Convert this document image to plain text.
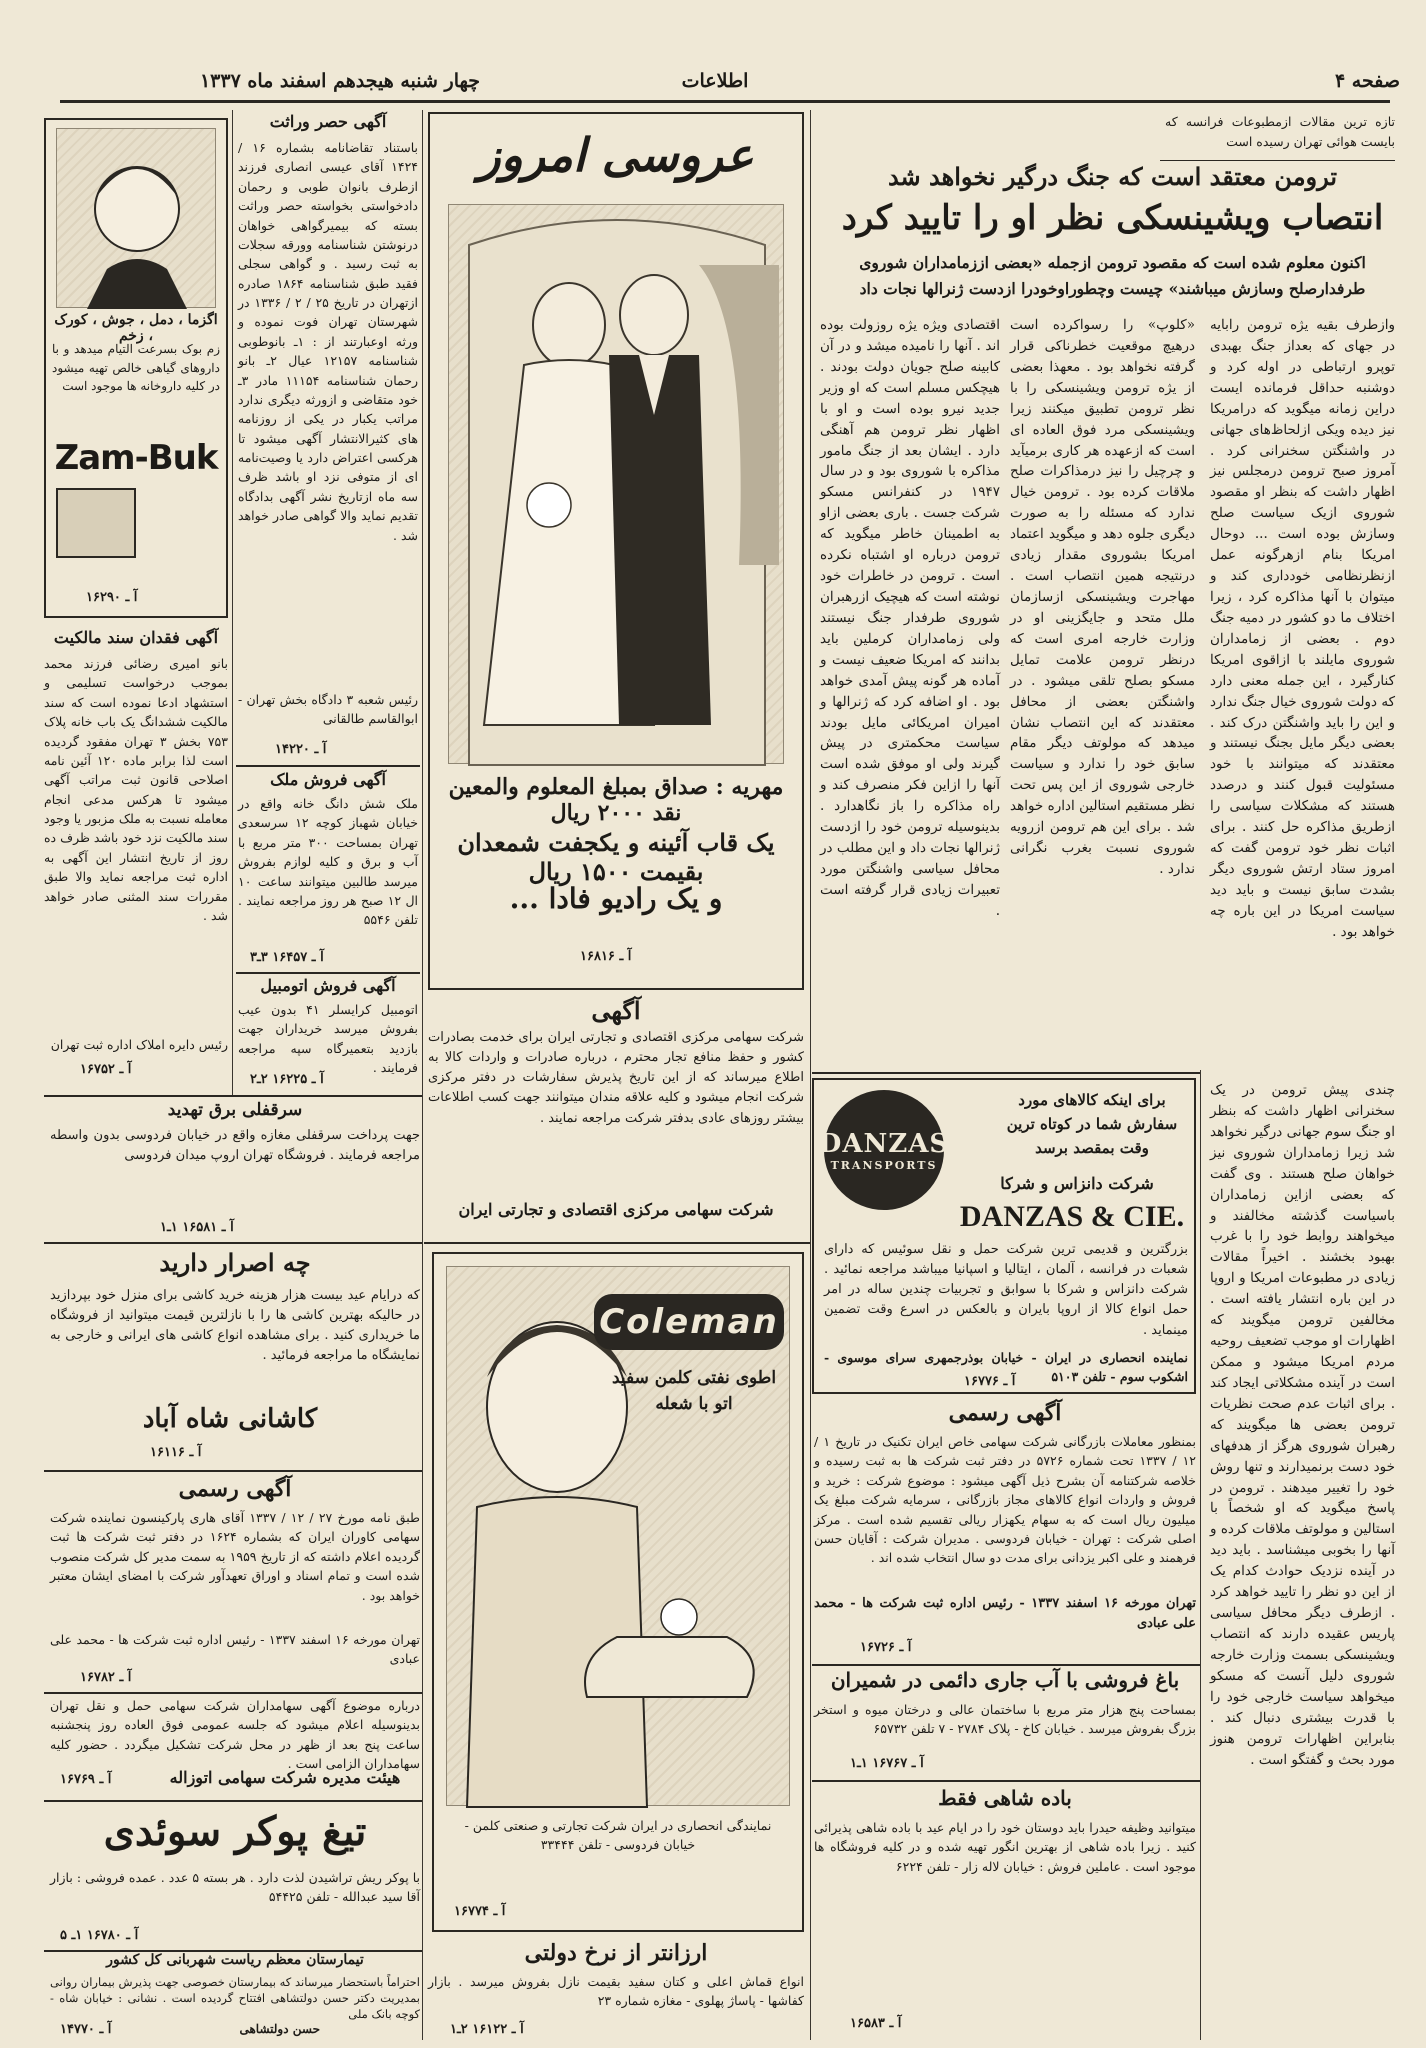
صفحه ۴
اطلاعات
چهار شنبه هیجدهم اسفند ماه ۱۳۳۷
تازه ترین مقالات ازمطبوعات فرانسه که بایست هوائی تهران رسیده است
ترومن معتقد است که جنگ درگیر نخواهد شد
انتصاب ویشینسکی نظر او را تایید کرد
اکنون معلوم شده است که مقصود ترومن ازجمله «بعضی اززمامداران شوروی طرفدارصلح وسازش میباشند» چیست وچطوراوخودرا ازدست ژنرالها نجات داد
وازطرف بقیه یژ‌ه ترومن رابایه در ‌جهای که بعداز جنگ بهبدی توپرو ارتباطی در اوله کرد و دوشنبه حداقل فرمانده ایست دراین زمانه میگوید که درامریکا نیز دیده ویکی ازلحاظ‌های جهانی در واشنگتن سخنرانی کرد . آمروز صبح ترومن درمجلس نیز اظهار داشت که بنظر او مقصود شوروی ازیک سیاست صلح وسازش بوده است ... دوحال امریکا بنام ازهرگونه عمل ازنظرنظامی خودداری کند و میتوان با آنها مذاکره کرد ، زیرا اختلاف ما دو کشور در دمیه جنگ دوم . بعضی از زمامداران شوروی مایلند با ازاقوی امریکا کنارگیرد ، این جمله معنی دارد که دولت شوروی خیال جنگ ندارد و این را باید واشنگتن درک کند . بعضی دیگر مایل بجنگ نیستند و معتقدند که میتوانند با خود مسئولیت قبول کنند و درصدد هستند که مشکلات سیاسی را ازطریق مذاکره حل کنند . برای اثبات نظر خود ترومن گفت که امروز ستاد ارتش شوروی دیگر بشدت سابق نیست و باید دید سیاست امریکا در این باره چه خواهد بود .
«کلوپ» را رسواکرده است درهیچ موقعیت خطرناکی قرار گرفته نخواهد بود . معهذا بعضی از یژ‌ه ترومن ویشینسکی را با نظر ترومن تطبیق میکنند زیرا ویشینسکی مرد فوق العاده ای است که ازعهده هر کاری برمیآید و چرچیل را نیز درمذاکرات صلح ملاقات کرده بود . ترومن خیال ندارد که مسئله را به صورت دیگری جلوه دهد و میگوید اعتماد امریکا بشوروی مقدار زیادی درنتیجه همین انتصاب است . مهاجرت ویشینسکی ازسازمان ملل متحد و جایگزینی او در وزارت خارجه امری است که درنظر ترومن علامت تمایل مسکو بصلح تلقی میشود . در واشنگتن بعضی از محافل معتقدند که این انتصاب نشان میدهد که مولوتف دیگر مقام سابق خود را ندارد و سیاست خارجی شوروی از این پس تحت نظر مستقیم استالین اداره خواهد شد . برای این هم ترومن ازرویه شوروی نسبت بغرب نگرانی ندارد .
اقتصادی ویژه یژ‌ه روزولت بوده اند . آنها را نامیده میشد و در آن کابینه صلح جویان دولت بودند . هیچکس مسلم است که او وزیر جدید نیرو بوده است و او با اظهار نظر ترومن هم آهنگی دارد . ایشان بعد از جنگ مامور مذاکره با شوروی بود و در سال ۱۹۴۷ در کنفرانس مسکو شرکت جست . باری بعضی ازاو به اطمینان خاطر میگوید که ترومن درباره او اشتباه نکرده است . ترومن در خاطرات خود نوشته است که هیچیک ازرهبران شوروی طرفدار جنگ نیستند ولی زمامداران کرملین باید بدانند که امریکا ضعیف نیست و آماده هر گونه پیش آمدی خواهد بود . او اضافه کرد که ژنرالها و امیران امریکائی مایل بودند سیاست محکمتری در پیش گیرند ولی او موفق شده است آنها را ازاین فکر منصرف کند و راه مذاکره را باز نگاهدارد . بدینوسیله ترومن خود را ازدست ژنرالها نجات داد و این مطلب در محافل سیاسی واشنگتن مورد تعبیرات زیادی قرار گرفته است .
چندی پیش ترومن در یک سخنرانی اظهار داشت که بنظر او جنگ سوم جهانی درگیر نخواهد شد زیرا زمامداران شوروی نیز خواهان صلح هستند . وی گفت که بعضی ازاین زمامداران باسیاست گذشته مخالفند و میخواهند روابط خود را با غرب بهبود بخشند . اخیراً مقالات زیادی در مطبوعات امریکا و اروپا در این باره انتشار یافته است . مخالفین ترومن میگویند که اظهارات او موجب تضعیف روحیه مردم امریکا میشود و ممکن است در آینده مشکلاتی ایجاد کند . برای اثبات عدم صحت نظریات ترومن بعضی ها میگویند که رهبران شوروی هرگز از هدفهای خود دست برنمیدارند و تنها روش خود را تغییر میدهند . ترومن در پاسخ میگوید که او شخصاً با استالین و مولوتف ملاقات کرده و آنها را بخوبی میشناسد . باید دید در آینده نزدیک حوادث کدام یک از این دو نظر را تایید خواهد کرد . ازطرف دیگر محافل سیاسی پاریس عقیده دارند که انتصاب ویشینسکی بسمت وزارت خارجه شوروی دلیل آنست که مسکو میخواهد سیاست خارجی خود را با قدرت بیشتری دنبال کند . بنابراین اظهارات ترومن هنوز مورد بحث و گفتگو است .
عروسی امروز
مهریه : صداق بمبلغ المعلوم والمعین نقد ۲۰۰۰ ریال
یک قاب آئینه و یکجفت شمعدان بقیمت ۱۵۰۰ ریال
و یک رادیو فادا ...
آ ـ ۱۶۸۱۶
آگهی حصر وراثت
باستناد تقاضانامه بشماره ۱۶ / ۱۴۲۴ آقای عیسی انصاری فرزند ازطرف بانوان طوبی و رحمان دادخواستی بخواسته حصر وراثت بسته که بیمیرگواهی خواهان درنوشتن شناسنامه وورقه سجلات به ثبت رسید . و گواهی سجلی فقید طبق شناسنامه ۱۸۶۴ صادره ازتهران در تاریخ ۲۵ / ۲ / ۱۳۳۶ در شهرستان تهران فوت نموده و ورثه اوعبارتند از : ۱ـ بانوطوبی شناسنامه ۱۲۱۵۷ عیال ۲ـ بانو رحمان شناسنامه ۱۱۱۵۴ مادر ۳ـ خود متقاضی و ازورثه دیگری ندارد مراتب یکبار در یکی از روزنامه های کثیرالانتشار آگهی میشود تا هرکسی اعتراض دارد یا وصیت‌نامه ای از متوفی نزد او باشد ظرف سه ماه ازتاریخ نشر آگهی بدادگاه تقدیم نماید والا گواهی صادر خواهد شد .
رئیس شعبه ۳ دادگاه بخش تهران - ابوالقاسم طالقانی
آ ـ ۱۴۲۲۰
آگهی فروش ملک
ملک شش دانگ خانه واقع در خیابان شهباز کوچه ۱۲ سرسعدی تهران بمساحت ۳۰۰ متر مربع با آب و برق و کلیه لوازم بفروش میرسد طالبین میتوانند ساعت ۱۰ ال ۱۲ صبح هر روز مراجعه نمایند . تلفن ۵۵۴۶
آ ـ ۱۶۴۵۷ ۳ـ۳
آگهی فروش اتومبیل
اتومبیل کرایسلر ۴۱ بدون عیب بفروش میرسد خریداران جهت بازدید بتعمیرگاه سپه مراجعه فرمایند .
آ ـ ۱۶۲۲۵ ۲ـ۲
اگزما ، دمل ، جوش ، کورک ، زخم
زم بوک بسرعت التیام میدهد و با داروهای گیاهی خالص تهیه میشود در کلیه داروخانه ها موجود است
Zam-Buk
آ ـ ۱۶۲۹۰
آگهی فقدان سند مالکیت
بانو امیری رضائی فرزند محمد بموجب درخواست تسلیمی و استشهاد ادعا نموده است که سند مالکیت ششدانگ یک باب خانه پلاک ۷۵۳ بخش ۳ تهران مفقود گردیده است لذا برابر ماده ۱۲۰ آئین نامه اصلاحی قانون ثبت مراتب آگهی میشود تا هرکس مدعی انجام معامله نسبت به ملک مزبور یا وجود سند مالکیت نزد خود باشد ظرف ده روز از تاریخ انتشار این آگهی به اداره ثبت مراجعه نماید والا طبق مقررات سند المثنی صادر خواهد شد .
رئیس دایره املاک اداره ثبت تهران
آ ـ ۱۶۷۵۲
سرقفلی برق تهدید
جهت پرداخت سرقفلی مغازه واقع در خیابان فردوسی بدون واسطه مراجعه فرمایند . فروشگاه تهران اروپ میدان فردوسی
آ ـ ۱۶۵۸۱ ۱ـ۱
آگهی
شرکت سهامی مرکزی اقتصادی و تجارتی ایران برای خدمت بصادرات کشور و حفظ منافع تجار محترم ، درباره صادرات و واردات کالا به اطلاع میرساند که از این تاریخ پذیرش سفارشات در دفتر مرکزی شرکت انجام میشود و کلیه علاقه مندان میتوانند جهت کسب اطلاعات بیشتر روزهای عادی بدفتر شرکت مراجعه نمایند .
شرکت سهامی مرکزی اقتصادی و تجارتی ایران
چه اصرار دارید
که درایام عید بیست هزار هزینه خرید کاشی برای منزل خود بپردازید در حالیکه بهترین کاشی ها را با نازلترین قیمت میتوانید از فروشگاه ما خریداری کنید . برای مشاهده انواع کاشی های ایرانی و خارجی به نمایشگاه ما مراجعه فرمائید .
کاشانی شاه آباد
آ ـ ۱۶۱۱۶
آگهی رسمی
طبق نامه مورخ ۲۷ / ۱۲ / ۱۳۳۷ آقای هاری پارکینسون نماینده شرکت سهامی کاوران ایران که بشماره ۱۶۲۴ در دفتر ثبت شرکت ها ثبت گردیده اعلام داشته که از تاریخ ۱۹۵۹ به سمت مدیر کل شرکت منصوب شده است و تمام اسناد و اوراق تعهدآور شرکت با امضای ایشان معتبر خواهد بود .
تهران مورخه ۱۶ اسفند ۱۳۳۷ - رئیس اداره ثبت شرکت ها - محمد علی عبادی
آ ـ ۱۶۷۸۲
درباره موضوع آگهی سهامداران شرکت سهامی حمل و نقل تهران بدینوسیله اعلام میشود که جلسه عمومی فوق العاده روز پنجشنبه ساعت پنج بعد از ظهر در محل شرکت تشکیل میگردد . حضور کلیه سهامداران الزامی است .
هیئت مدیره شرکت سهامی اتوزاله
آ ـ ۱۶۷۶۹
تیغ پوکر سوئدی
با پوکر ریش تراشیدن لذت دارد . هر بسته ۵ عدد . عمده فروشی : بازار آقا سید عبدالله - تلفن ۵۴۴۲۵
آ ـ ۱۶۷۸۰ ۱ـ ۵
تیمارستان معظم ریاست شهربانی کل کشور
احتراماً باستحضار میرساند که بیمارستان خصوصی جهت پذیرش بیماران روانی بمدیریت دکتر حسن دولتشاهی افتتاح گردیده است . نشانی : خیابان شاه - کوچه بانک ملی
حسن دولتشاهی
آ ـ ۱۴۷۷۰
Coleman
اطوی نفتی کلمن سفید اتو با شعله
نمایندگی انحصاری در ایران شرکت تجارتی و صنعتی کلمن - خیابان فردوسی - تلفن ۳۳۴۴۴
آ ـ ۱۶۷۷۴
ارزانتر از نرخ دولتی
انواع قماش اعلی و کتان سفید بقیمت نازل بفروش میرسد . بازار کفاشها - پاساژ پهلوی - مغازه شماره ۲۳
آ ـ ۱۶۱۲۲ ۲ـ۱
برای اینکه کالاهای مورد سفارش شما در کوتاه ترین وقت بمقصد برسد
DANZAS
TRANSPORTS
شرکت دانزاس و شرکا
DANZAS & CIE.
بزرگترین و قدیمی ترین شرکت حمل و نقل سوئیس که دارای شعبات در فرانسه ، آلمان ، ایتالیا و اسپانیا میباشد مراجعه نمائید . شرکت دانزاس و شرکا با سوابق و تجربیات چندین ساله در امر حمل انواع کالا از اروپا بایران و بالعکس در اسرع وقت تضمین مینماید .
نماینده انحصاری در ایران - خیابان بوذرجمهری سرای موسوی - اشکوب سوم - تلفن ۵۱۰۳
آ ـ ۱۶۷۷۶
آگهی رسمی
بمنظور معاملات بازرگانی شرکت سهامی خاص ایران تکنیک در تاریخ ۱ / ۱۲ / ۱۳۳۷ تحت شماره ۵۷۲۶ در دفتر ثبت شرکت ها به ثبت رسیده و خلاصه شرکتنامه آن بشرح ذیل آگهی میشود : موضوع شرکت : خرید و فروش و واردات انواع کالاهای مجاز بازرگانی ، سرمایه شرکت مبلغ یک میلیون ریال است که به سهام یکهزار ریالی تقسیم شده است . مرکز اصلی شرکت : تهران - خیابان فردوسی . مدیران شرکت : آقایان حسن فرهمند و علی اکبر یزدانی برای مدت دو سال انتخاب شده اند .
تهران مورخه ۱۶ اسفند ۱۳۳۷ - رئیس اداره ثبت شرکت ها - محمد علی عبادی
آ ـ ۱۶۷۲۶
باغ فروشی با آب جاری دائمی در شمیران
بمساحت پنج هزار متر مربع با ساختمان عالی و درختان میوه و استخر بزرگ بفروش میرسد . خیابان کاخ - پلاک ۲۷۸۴ - ۷ تلفن ۶۵۷۳۲
آ ـ ۱۶۷۶۷ ۱ـ۱
باده شاهی فقط
میتوانید وظیفه حیدرا باید دوستان خود را در ایام عید با باده شاهی پذیرائی کنید . زیرا باده شاهی از بهترین انگور تهیه شده و در کلیه فروشگاه ها موجود است . عاملین فروش : خیابان لاله زار - تلفن ۶۲۲۴
آ ـ ۱۶۵۸۳
